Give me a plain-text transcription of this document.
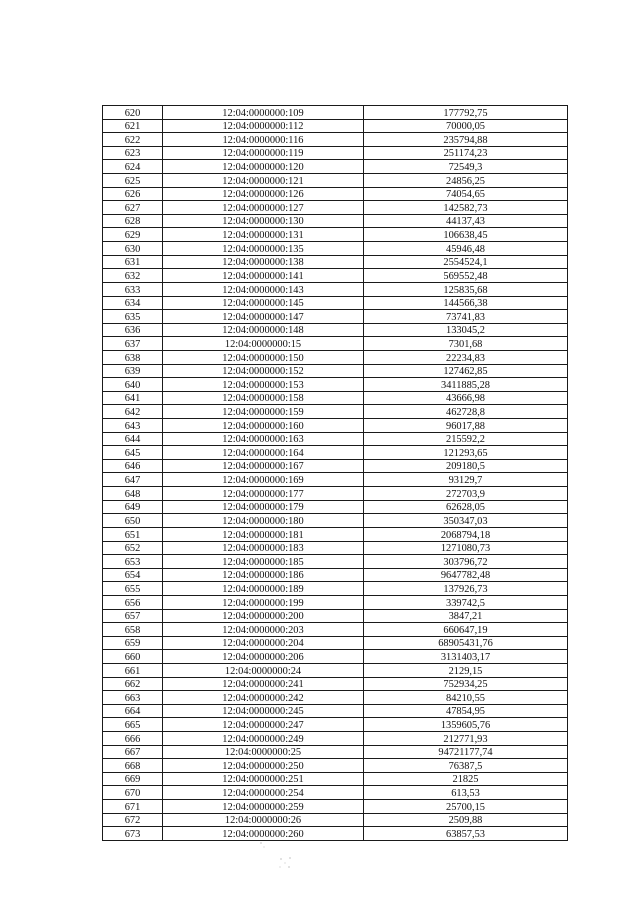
620	12:04:0000000:109	177792,75
621	12:04:0000000:112	70000,05
622	12:04:0000000:116	235794,88
623	12:04:0000000:119	251174,23
624	12:04:0000000:120	72549,3
625	12:04:0000000:121	24856,25
626	12:04:0000000:126	74054,65
627	12:04:0000000:127	142582,73
628	12:04:0000000:130	44137,43
629	12:04:0000000:131	106638,45
630	12:04:0000000:135	45946,48
631	12:04:0000000:138	2554524,1
632	12:04:0000000:141	569552,48
633	12:04:0000000:143	125835,68
634	12:04:0000000:145	144566,38
635	12:04:0000000:147	73741,83
636	12:04:0000000:148	133045,2
637	12:04:0000000:15	7301,68
638	12:04:0000000:150	22234,83
639	12:04:0000000:152	127462,85
640	12:04:0000000:153	3411885,28
641	12:04:0000000:158	43666,98
642	12:04:0000000:159	462728,8
643	12:04:0000000:160	96017,88
644	12:04:0000000:163	215592,2
645	12:04:0000000:164	121293,65
646	12:04:0000000:167	209180,5
647	12:04:0000000:169	93129,7
648	12:04:0000000:177	272703,9
649	12:04:0000000:179	62628,05
650	12:04:0000000:180	350347,03
651	12:04:0000000:181	2068794,18
652	12:04:0000000:183	1271080,73
653	12:04:0000000:185	303796,72
654	12:04:0000000:186	9647782,48
655	12:04:0000000:189	137926,73
656	12:04:0000000:199	339742,5
657	12:04:0000000:200	3847,21
658	12:04:0000000:203	660647,19
659	12:04:0000000:204	68905431,76
660	12:04:0000000:206	3131403,17
661	12:04:0000000:24	2129,15
662	12:04:0000000:241	752934,25
663	12:04:0000000:242	84210,55
664	12:04:0000000:245	47854,95
665	12:04:0000000:247	1359605,76
666	12:04:0000000:249	212771,93
667	12:04:0000000:25	94721177,74
668	12:04:0000000:250	76387,5
669	12:04:0000000:251	21825
670	12:04:0000000:254	613,53
671	12:04:0000000:259	25700,15
672	12:04:0000000:26	2509,88
673	12:04:0000000:260	63857,53
